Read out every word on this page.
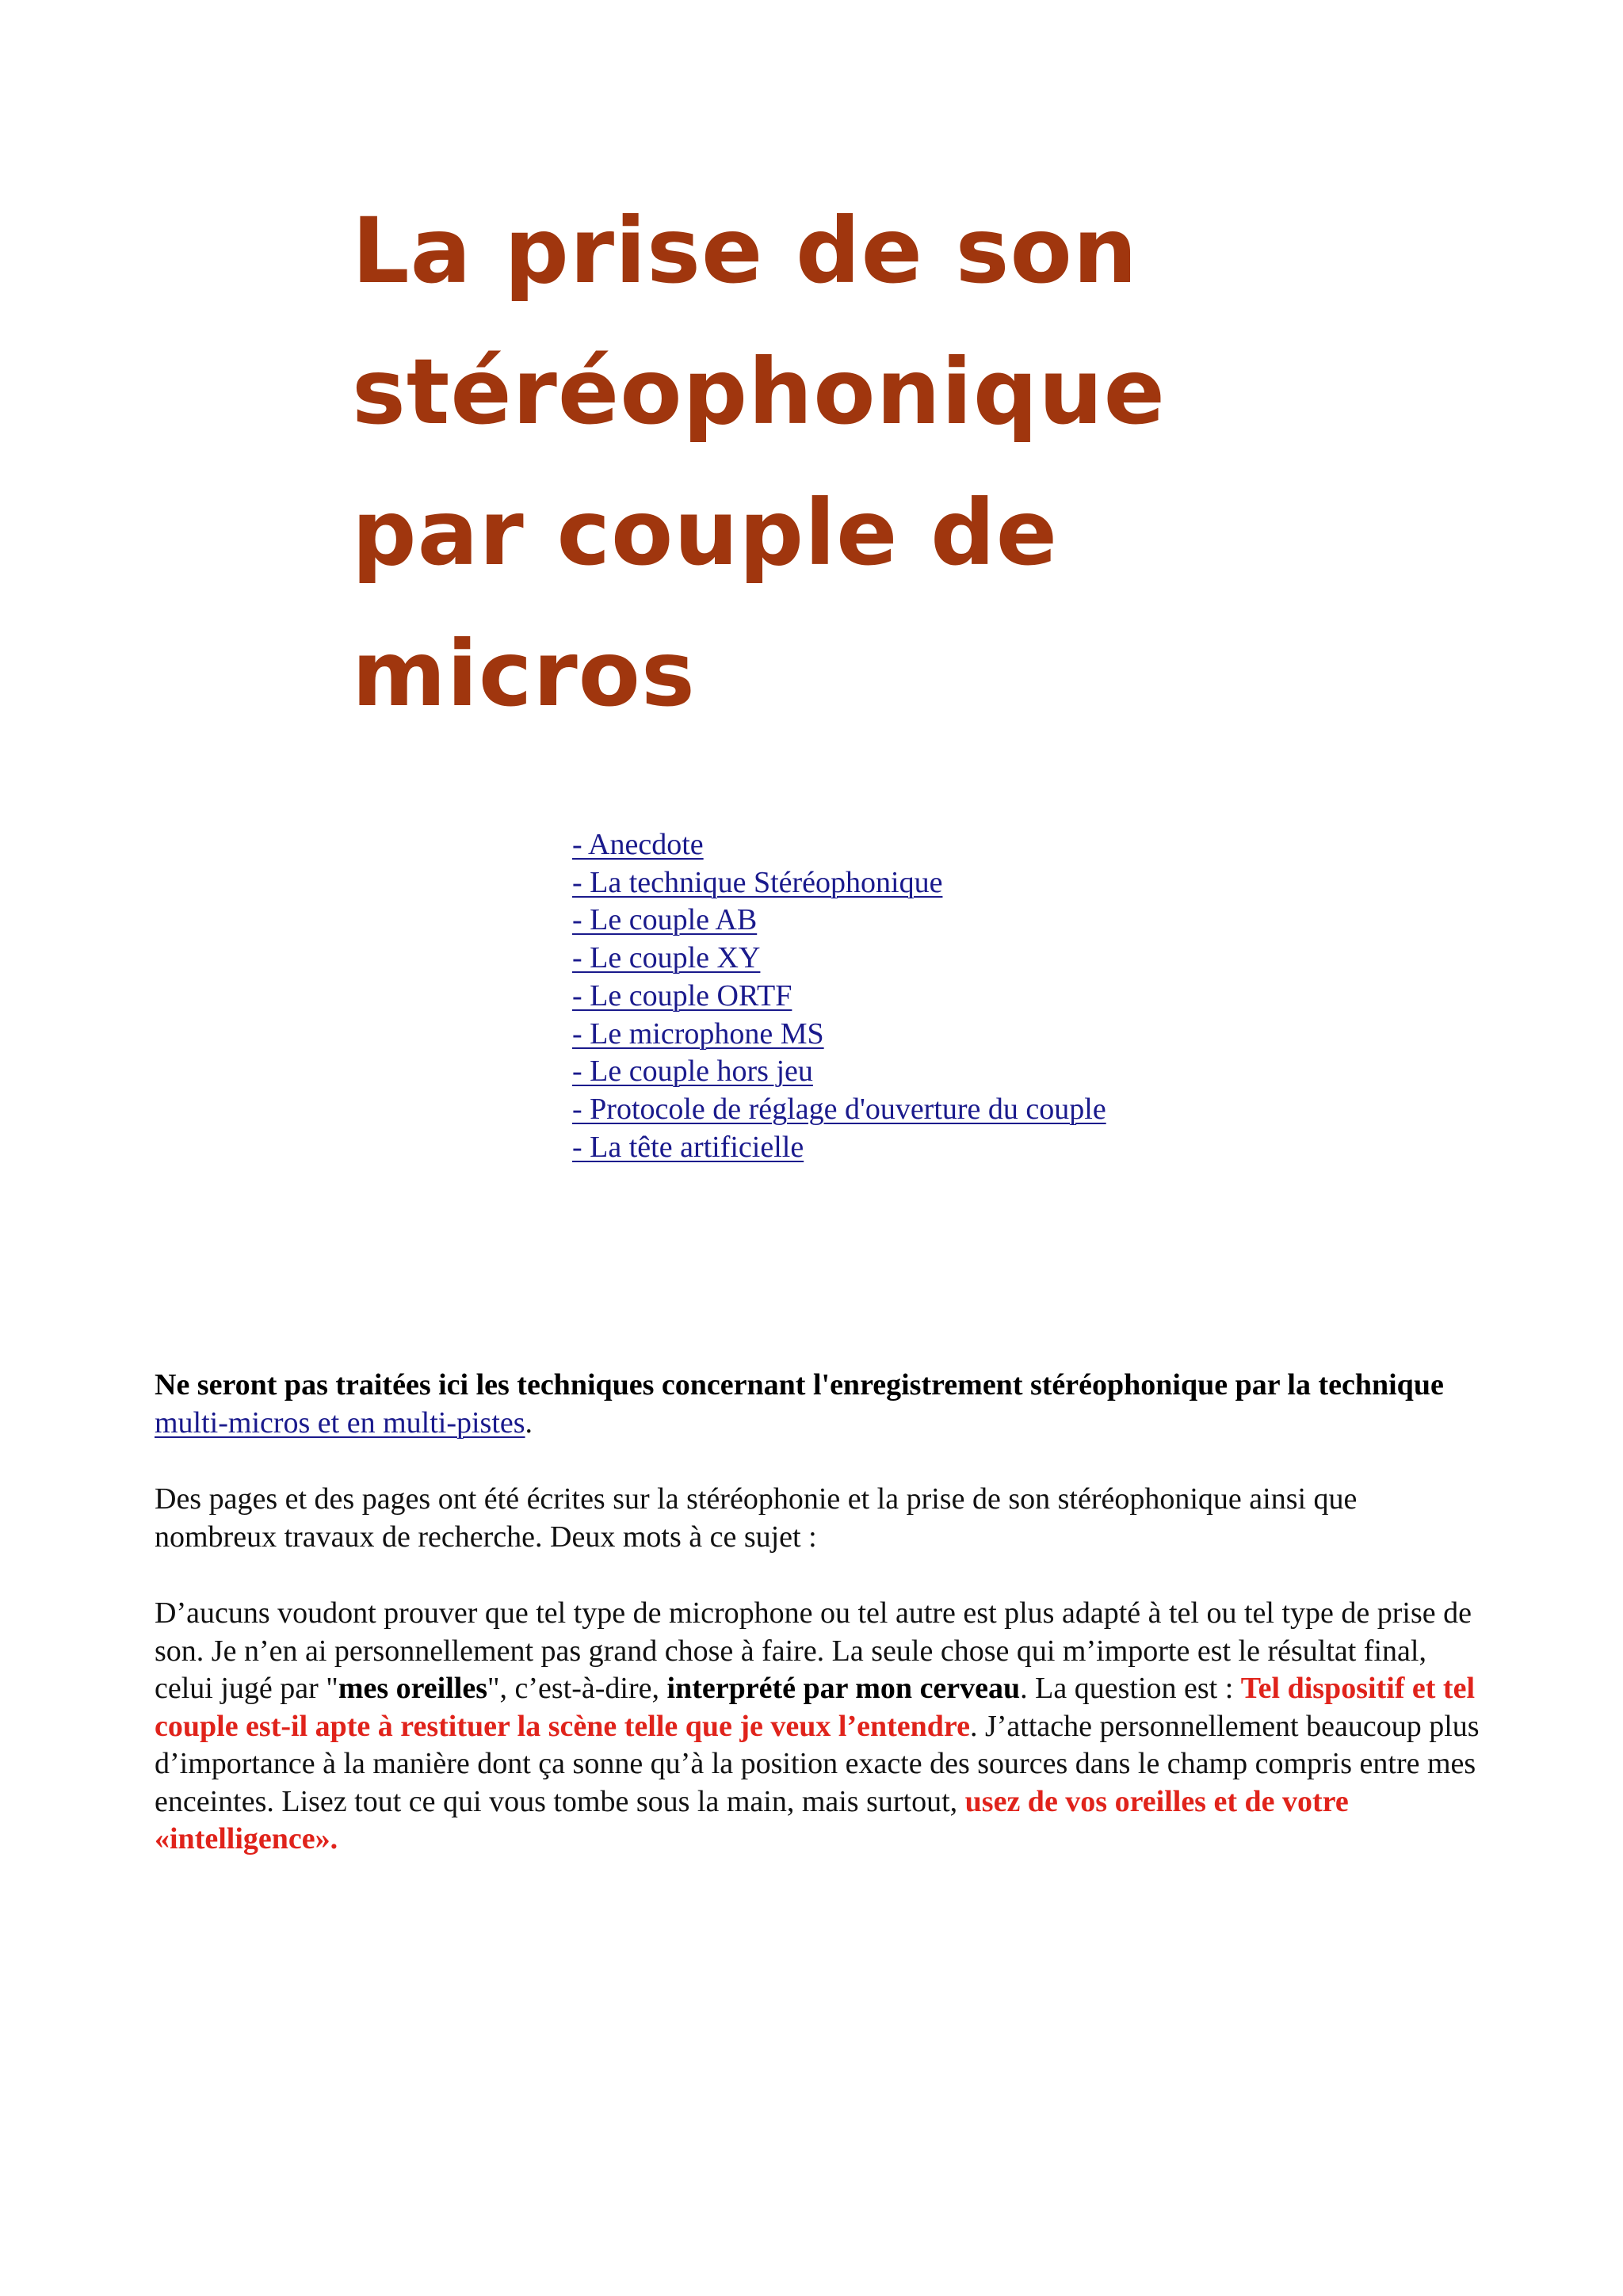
La prise de son
stéréophonique
par couple de
micros
- Anecdote
- La technique Stéréophonique
- Le couple AB
- Le couple XY
- Le couple ORTF
- Le microphone MS
- Le couple hors jeu
- Protocole de réglage d'ouverture du couple
- La tête artificielle

Ne seront pas traitées ici les techniques concernant l'enregistrement stéréophonique par la technique multi-micros et en multi-pistes.

Des pages et des pages ont été écrites sur la stéréophonie et la prise de son stéréophonique ainsi que nombreux travaux de recherche. Deux mots à ce sujet :

D’aucuns voudont prouver que tel type de microphone ou tel autre est plus adapté à tel ou tel type de prise de son. Je n’en ai personnellement pas grand chose à faire. La seule chose qui m’importe est le résultat final, celui jugé par "mes oreilles", c’est-à-dire, interprété par mon cerveau. La question est : Tel dispositif et tel couple est-il apte à restituer la scène telle que je veux l’entendre. J’attache personnellement beaucoup plus d’importance à la manière dont ça sonne qu’à la position exacte des sources dans le champ compris entre mes enceintes. Lisez tout ce qui vous tombe sous la main, mais surtout, usez de vos oreilles et de votre «intelligence».
